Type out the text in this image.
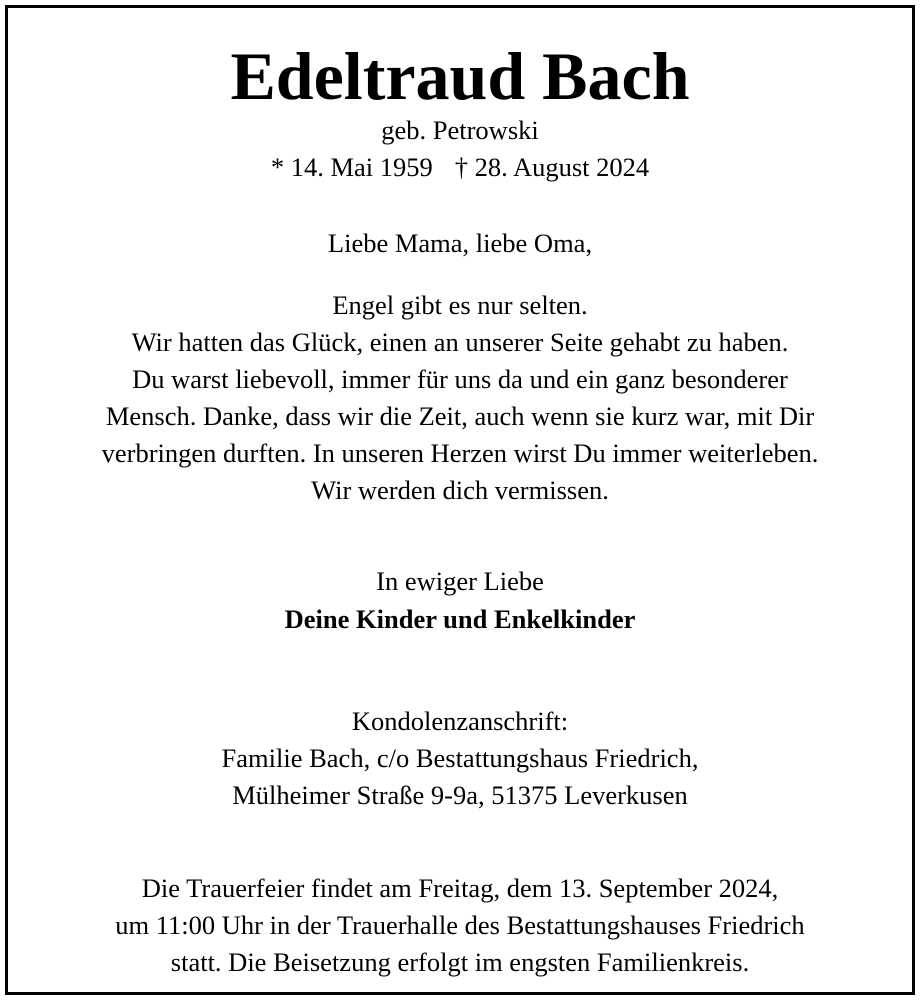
Edeltraud Bach
geb. Petrowski
* 14. Mai 1959 † 28. August 2024
Liebe Mama, liebe Oma,
Engel gibt es nur selten.
Wir hatten das Glück, einen an unserer Seite gehabt zu haben.
Du warst liebevoll, immer für uns da und ein ganz besonderer
Mensch. Danke, dass wir die Zeit, auch wenn sie kurz war, mit Dir
verbringen durften. In unseren Herzen wirst Du immer weiterleben.
Wir werden dich vermissen.
In ewiger Liebe
Deine Kinder und Enkelkinder
Kondolenzanschrift:
Familie Bach, c/o Bestattungshaus Friedrich,
Mülheimer Straße 9-9a, 51375 Leverkusen
Die Trauerfeier findet am Freitag, dem 13. September 2024,
um 11:00 Uhr in der Trauerhalle des Bestattungshauses Friedrich
statt. Die Beisetzung erfolgt im engsten Familienkreis.
